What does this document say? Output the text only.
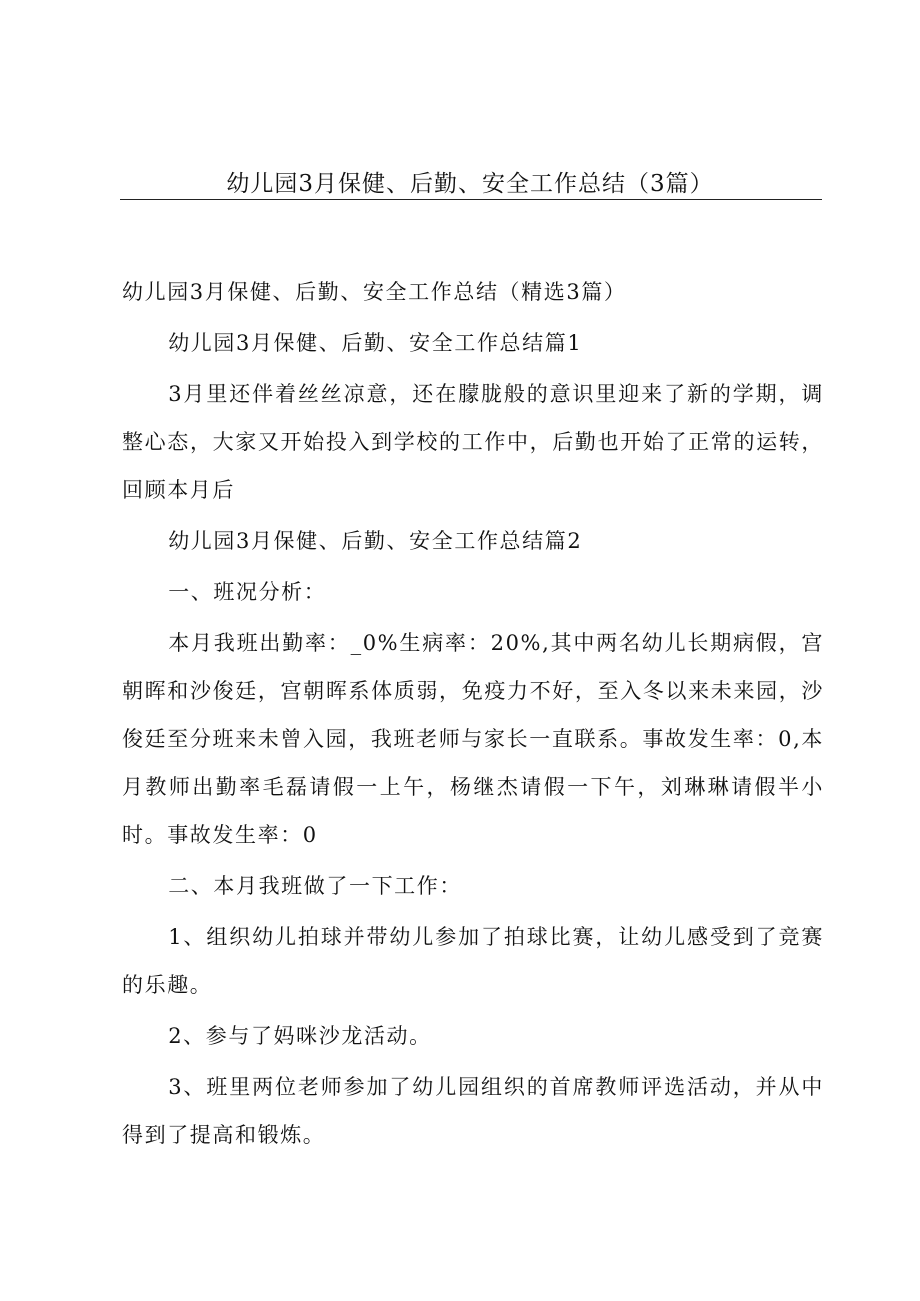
幼儿园3月保健、后勤、安全工作总结（3篇）

幼儿园3月保健、后勤、安全工作总结（精选3篇）

幼儿园3月保健、后勤、安全工作总结篇1

3月里还伴着丝丝凉意，还在朦胧般的意识里迎来了新的学期，调整心态，大家又开始投入到学校的工作中，后勤也开始了正常的运转，回顾本月后

幼儿园3月保健、后勤、安全工作总结篇2

一、班况分析：

本月我班出勤率：_0%生病率：20%,其中两名幼儿长期病假，宫朝晖和沙俊廷，宫朝晖系体质弱，免疫力不好，至入冬以来未来园，沙俊廷至分班来未曾入园，我班老师与家长一直联系。事故发生率：0,本月教师出勤率毛磊请假一上午，杨继杰请假一下午，刘琳琳请假半小时。事故发生率：0

二、本月我班做了一下工作：

1、组织幼儿拍球并带幼儿参加了拍球比赛，让幼儿感受到了竞赛的乐趣。

2、参与了妈咪沙龙活动。

3、班里两位老师参加了幼儿园组织的首席教师评选活动，并从中得到了提高和锻炼。
